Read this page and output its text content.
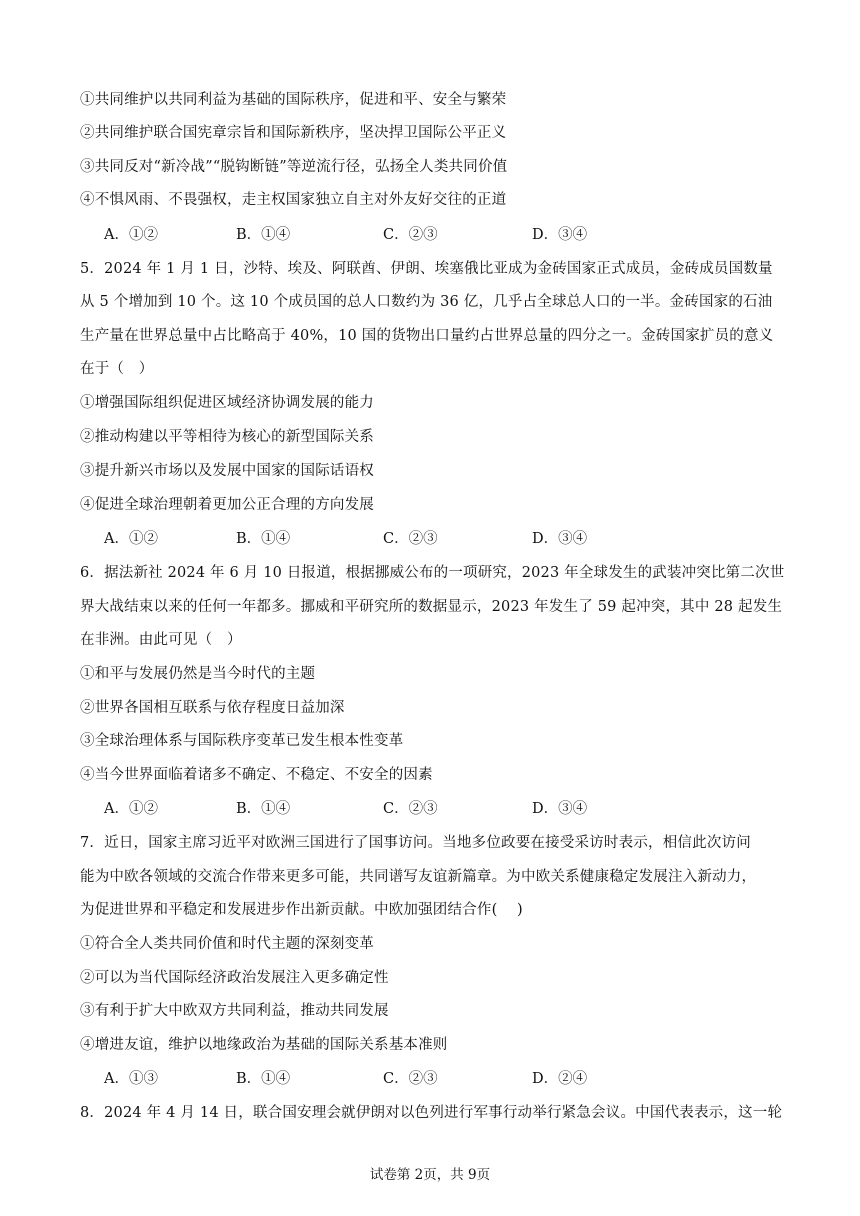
①共同维护以共同利益为基础的国际秩序，促进和平、安全与繁荣
②共同维护联合国宪章宗旨和国际新秩序，坚决捍卫国际公平正义
③共同反对“新冷战”“脱钩断链”等逆流行径，弘扬全人类共同价值
④不惧风雨、不畏强权，走主权国家独立自主对外友好交往的正道
A．①②	B．①④	C．②③	D．③④
5．2024 年 1 月 1 日，沙特、埃及、阿联酋、伊朗、埃塞俄比亚成为金砖国家正式成员，金砖成员国数量
从 5 个增加到 10 个。这 10 个成员国的总人口数约为 36 亿，几乎占全球总人口的一半。金砖国家的石油
生产量在世界总量中占比略高于 40%，10 国的货物出口量约占世界总量的四分之一。金砖国家扩员的意义
在于（　）
①增强国际组织促进区域经济协调发展的能力
②推动构建以平等相待为核心的新型国际关系
③提升新兴市场以及发展中国家的国际话语权
④促进全球治理朝着更加公正合理的方向发展
A．①②	B．①④	C．②③	D．③④
6．据法新社 2024 年 6 月 10 日报道，根据挪威公布的一项研究，2023 年全球发生的武装冲突比第二次世
界大战结束以来的任何一年都多。挪威和平研究所的数据显示，2023 年发生了 59 起冲突，其中 28 起发生
在非洲。由此可见（　）
①和平与发展仍然是当今时代的主题
②世界各国相互联系与依存程度日益加深
③全球治理体系与国际秩序变革已发生根本性变革
④当今世界面临着诸多不确定、不稳定、不安全的因素
A．①②	B．①④	C．②③	D．③④
7．近日，国家主席习近平对欧洲三国进行了国事访问。当地多位政要在接受采访时表示，相信此次访问
能为中欧各领域的交流合作带来更多可能，共同谱写友谊新篇章。为中欧关系健康稳定发展注入新动力，
为促进世界和平稳定和发展进步作出新贡献。中欧加强团结合作(　 )
①符合全人类共同价值和时代主题的深刻变革
②可以为当代国际经济政治发展注入更多确定性
③有利于扩大中欧双方共同利益，推动共同发展
④增进友谊，维护以地缘政治为基础的国际关系基本准则
A．①③	B．①④	C．②③	D．②④
8．2024 年 4 月 14 日，联合国安理会就伊朗对以色列进行军事行动举行紧急会议。中国代表表示，这一轮
试卷第 2页，共 9页
